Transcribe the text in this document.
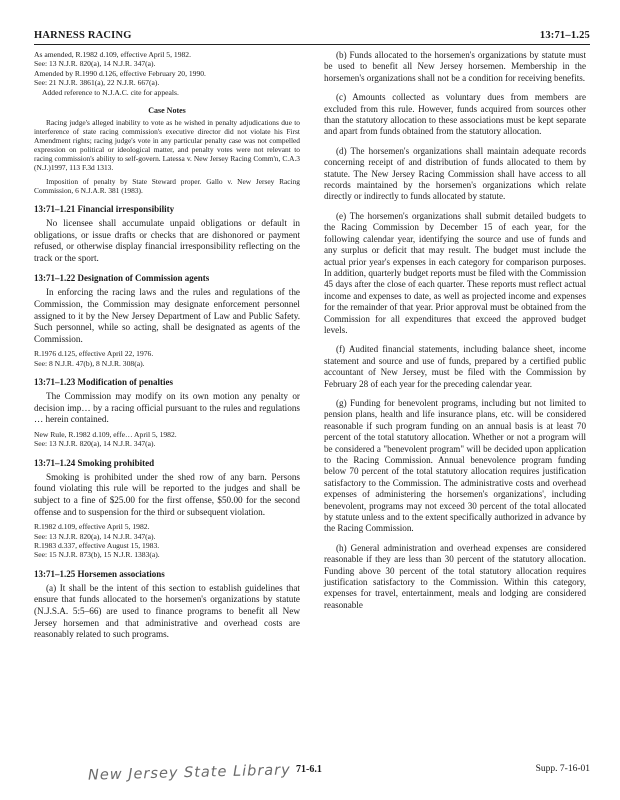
HARNESS RACING	13:71–1.25

As amended, R.1982 d.109, effective April 5, 1982.

See: 13 N.J.R. 820(a), 14 N.J.R. 347(a).

Amended by R.1990 d.126, effective February 20, 1990.

See: 21 N.J.R. 3861(a), 22 N.J.R. 667(a).

Added reference to N.J.A.C. cite for appeals.

Case Notes

Racing judge's alleged inability to vote as he wished in penalty adjudications due to interference of state racing commission's executive director did not violate his First Amendment rights; racing judge's vote in any particular penalty case was not compelled expression on political or ideological matter, and penalty votes were not relevant to racing commission's ability to self-govern. Latessa v. New Jersey Racing Comm'n, C.A.3 (N.J.)1997, 113 F.3d 1313.

Imposition of penalty by State Steward proper. Gallo v. New Jersey Racing Commission, 6 N.J.A.R. 381 (1983).

13:71–1.21 Financial irresponsibility

No licensee shall accumulate unpaid obligations or default in obligations, or issue drafts or checks that are dishonored or payment refused, or otherwise display financial irresponsibility reflecting on the track or the sport.

13:71–1.22 Designation of Commission agents

In enforcing the racing laws and the rules and regulations of the Commission, the Commission may designate enforcement personnel assigned to it by the New Jersey Department of Law and Public Safety. Such personnel, while so acting, shall be designated as agents of the Commission.

R.1976 d.125, effective April 22, 1976.

See: 8 N.J.R. 47(b), 8 N.J.R. 308(a).

13:71–1.23 Modification of penalties

The Commission may modify on its own motion any penalty or decision imp… by a racing official pursuant to the rules and regulations … herein contained.

New Rule, R.1982 d.109, effe… April 5, 1982.

See: 13 N.J.R. 820(a), 14 N.J.R. 347(a).

13:71–1.24 Smoking prohibited

Smoking is prohibited under the shed row of any barn. Persons found violating this rule will be reported to the judges and shall be subject to a fine of $25.00 for the first offense, $50.00 for the second offense and to suspension for the third or subsequent violation.

R.1982 d.109, effective April 5, 1982.

See: 13 N.J.R. 820(a), 14 N.J.R. 347(a).

R.1983 d.337, effective August 15, 1983.

See: 15 N.J.R. 873(b), 15 N.J.R. 1383(a).

13:71–1.25 Horsemen associations

(a) It shall be the intent of this section to establish guidelines that ensure that funds allocated to the horsemen's organizations by statute (N.J.S.A. 5:5–66) are used to finance programs to benefit all New Jersey horsemen and that administrative and overhead costs are reasonably related to such programs.

(b) Funds allocated to the horsemen's organizations by statute must be used to benefit all New Jersey horsemen. Membership in the horsemen's organizations shall not be a condition for receiving benefits.

(c) Amounts collected as voluntary dues from members are excluded from this rule. However, funds acquired from sources other than the statutory allocation to these associations must be kept separate and apart from funds obtained from the statutory allocation.

(d) The horsemen's organizations shall maintain adequate records concerning receipt of and distribution of funds allocated to them by statute. The New Jersey Racing Commission shall have access to all records maintained by the horsemen's organizations which relate directly or indirectly to funds allocated by statute.

(e) The horsemen's organizations shall submit detailed budgets to the Racing Commission by December 15 of each year, for the following calendar year, identifying the source and use of funds and any surplus or deficit that may result. The budget must include the actual prior year's expenses in each category for comparison purposes. In addition, quarterly budget reports must be filed with the Commission 45 days after the close of each quarter. These reports must reflect actual income and expenses to date, as well as projected income and expenses for the remainder of that year. Prior approval must be obtained from the Commission for all expenditures that exceed the approved budget levels.

(f) Audited financial statements, including balance sheet, income statement and source and use of funds, prepared by a certified public accountant of New Jersey, must be filed with the Commission by February 28 of each year for the preceding calendar year.

(g) Funding for benevolent programs, including but not limited to pension plans, health and life insurance plans, etc. will be considered reasonable if such program funding on an annual basis is at least 70 percent of the total statutory allocation. Whether or not a program will be considered a "benevolent program" will be decided upon application to the Racing Commission. Annual benevolence program funding below 70 percent of the total statutory allocation requires justification satisfactory to the Commission. The administrative costs and overhead expenses of administering the horsemen's organizations', including benevolent, programs may not exceed 30 percent of the total allocated by statute unless and to the extent specifically authorized in advance by the Racing Commission.

(h) General administration and overhead expenses are considered reasonable if they are less than 30 percent of the statutory allocation. Funding above 30 percent of the total statutory allocation requires justification satisfactory to the Commission. Within this category, expenses for travel, entertainment, meals and lodging are considered reasonable

New Jersey State Library 71-6.1	Supp. 7-16-01
